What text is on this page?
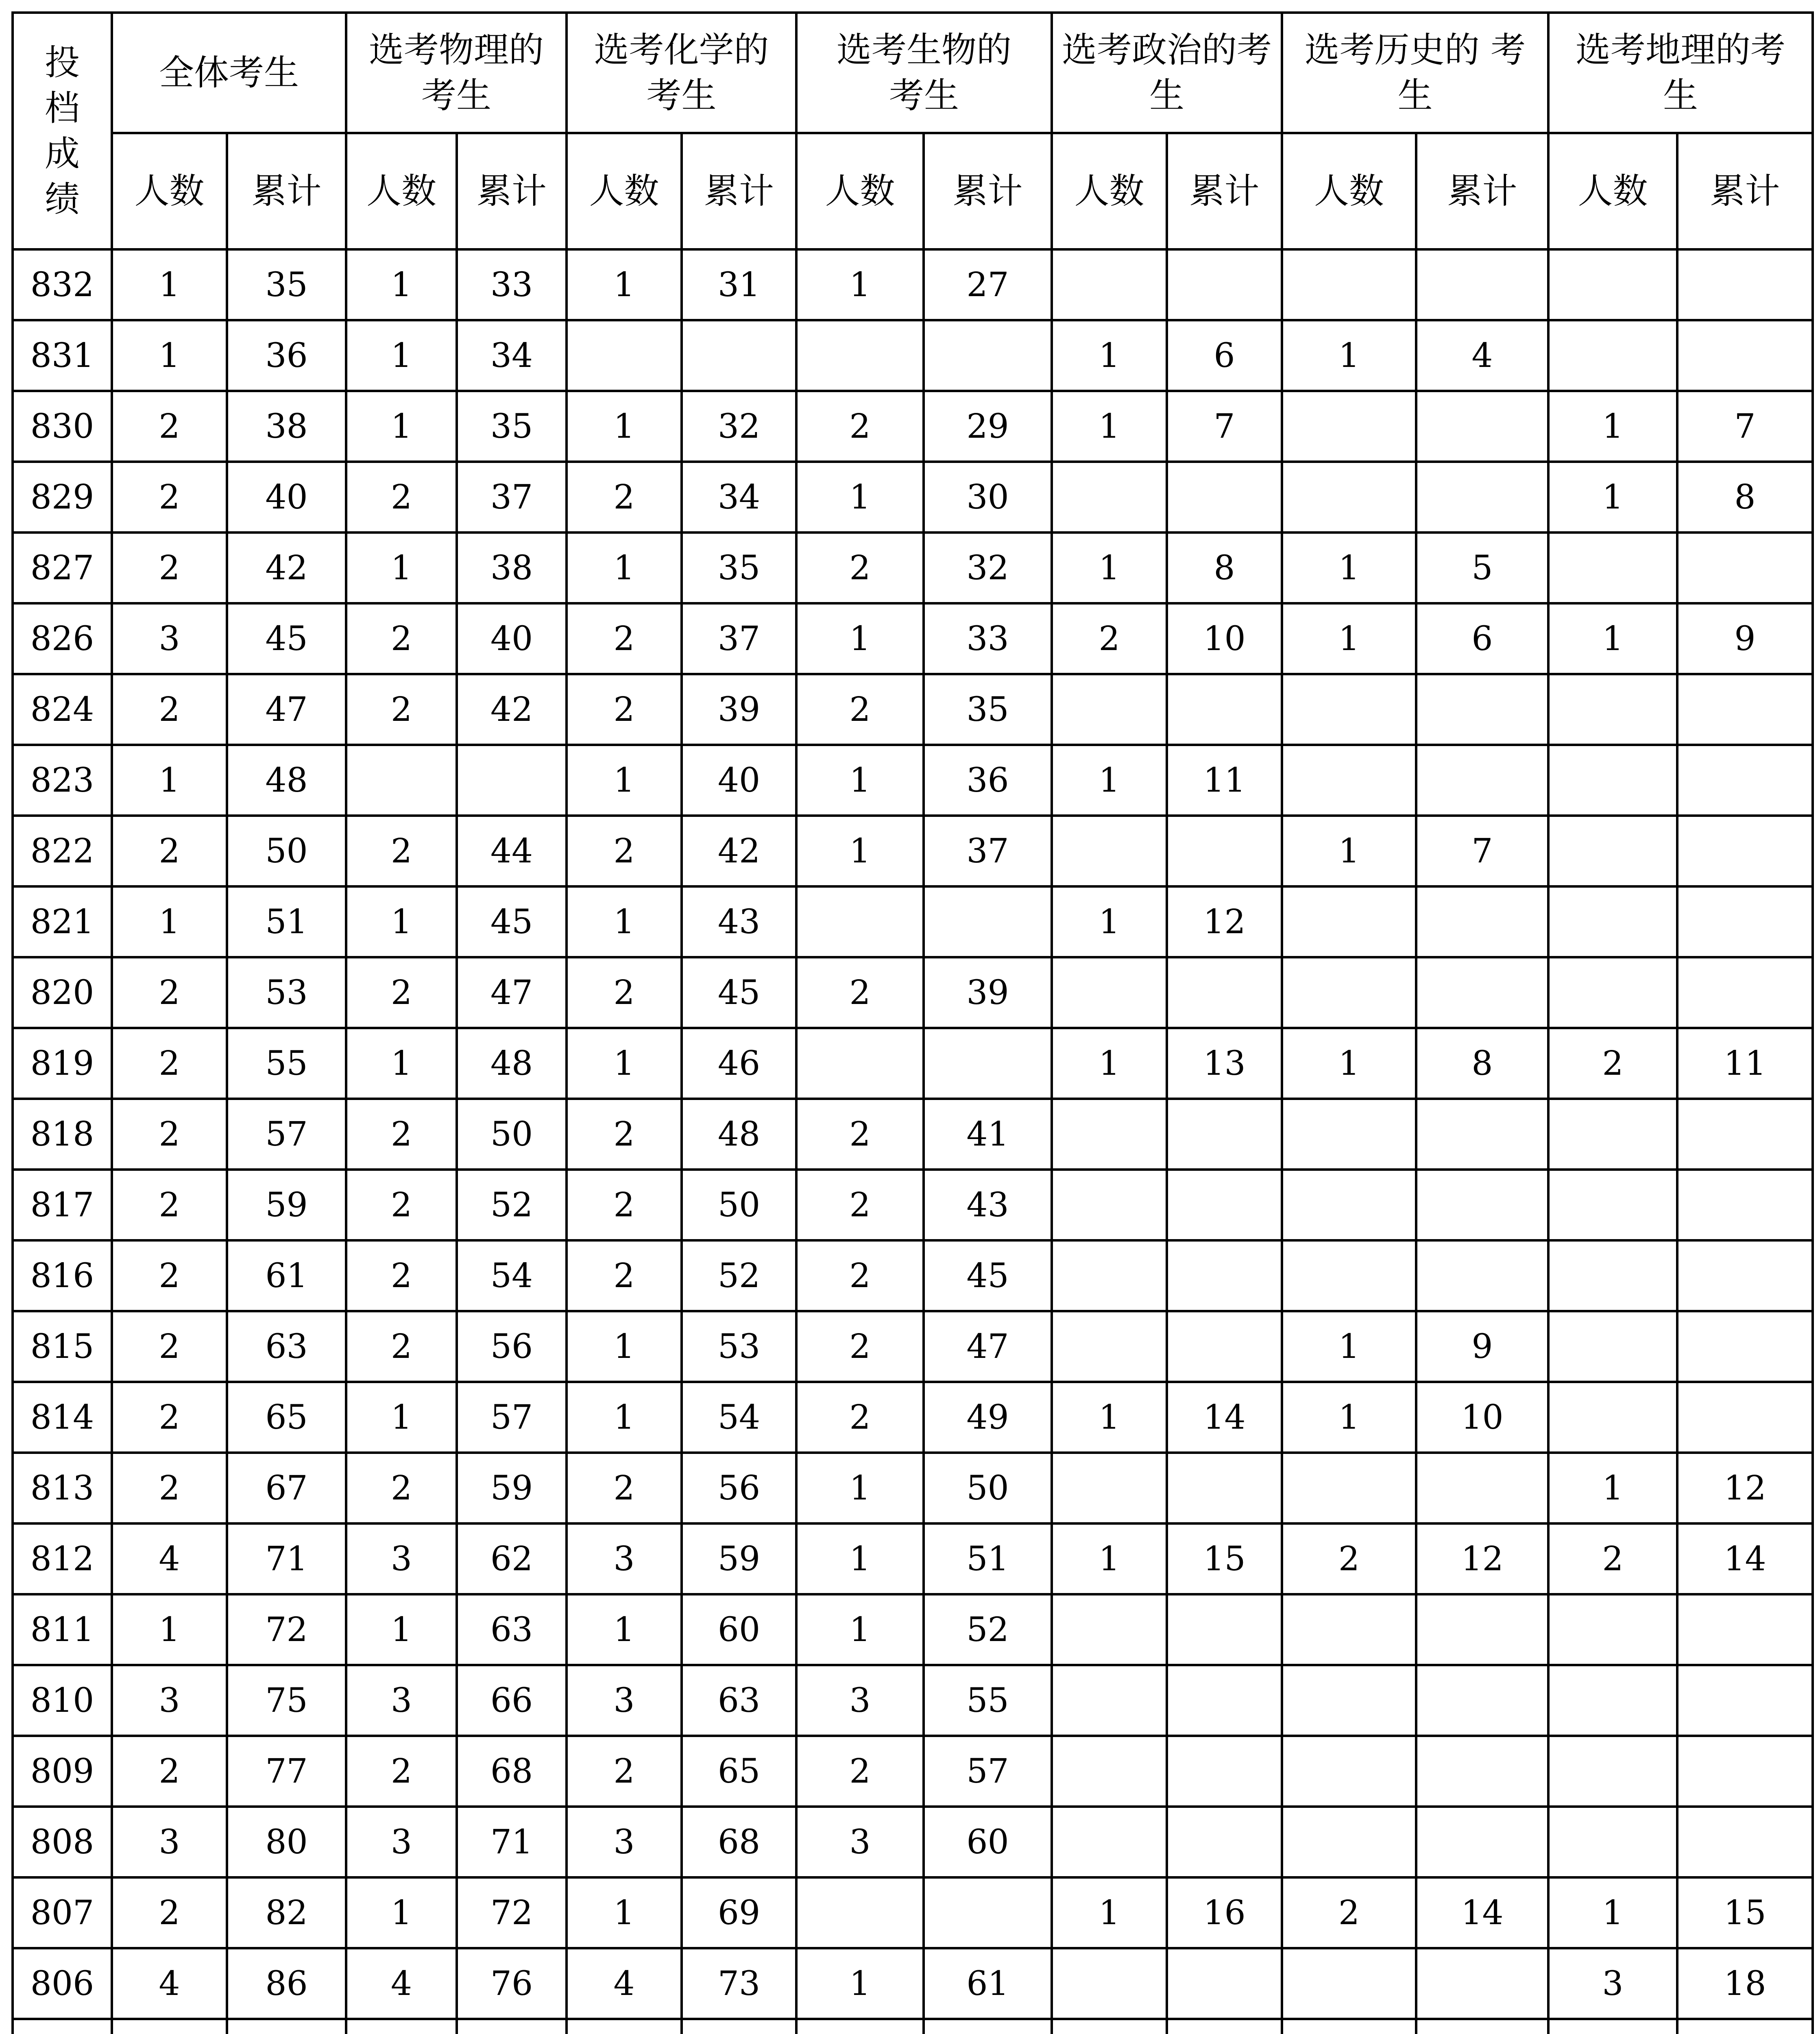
投档成绩	全体考生		选考物理的考生		选考化学的考生		选考生物的考生		选考政治的考生		选考历史的 考生		选考地理的考生	
	人数	累计	人数	累计	人数	累计	人数	累计	人数	累计	人数	累计	人数	累计
832	1	35	1	33	1	31	1	27						
831	1	36	1	34					1	6	1	4		
830	2	38	1	35	1	32	2	29	1	7			1	7
829	2	40	2	37	2	34	1	30					1	8
827	2	42	1	38	1	35	2	32	1	8	1	5		
826	3	45	2	40	2	37	1	33	2	10	1	6	1	9
824	2	47	2	42	2	39	2	35						
823	1	48			1	40	1	36	1	11				
822	2	50	2	44	2	42	1	37			1	7		
821	1	51	1	45	1	43			1	12				
820	2	53	2	47	2	45	2	39						
819	2	55	1	48	1	46			1	13	1	8	2	11
818	2	57	2	50	2	48	2	41						
817	2	59	2	52	2	50	2	43						
816	2	61	2	54	2	52	2	45						
815	2	63	2	56	1	53	2	47			1	9		
814	2	65	1	57	1	54	2	49	1	14	1	10		
813	2	67	2	59	2	56	1	50					1	12
812	4	71	3	62	3	59	1	51	1	15	2	12	2	14
811	1	72	1	63	1	60	1	52						
810	3	75	3	66	3	63	3	55						
809	2	77	2	68	2	65	2	57						
808	3	80	3	71	3	68	3	60						
807	2	82	1	72	1	69			1	16	2	14	1	15
806	4	86	4	76	4	73	1	61					3	18
